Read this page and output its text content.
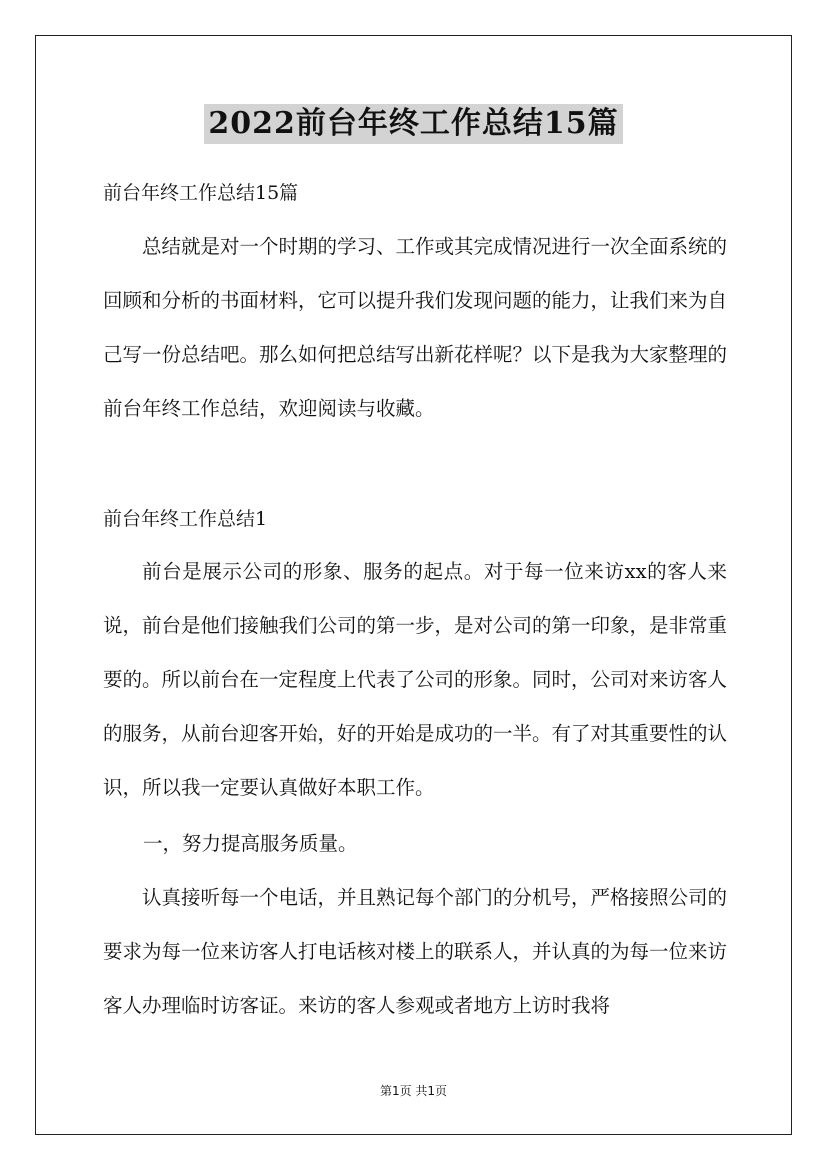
2022前台年终工作总结15篇
前台年终工作总结15篇
总结就是对一个时期的学习、工作或其完成情况进行一次全面系统的回顾和分析的书面材料，它可以提升我们发现问题的能力，让我们来为自己写一份总结吧。那么如何把总结写出新花样呢？以下是我为大家整理的前台年终工作总结，欢迎阅读与收藏。
前台年终工作总结1
前台是展示公司的形象、服务的起点。对于每一位来访xx的客人来说，前台是他们接触我们公司的第一步，是对公司的第一印象，是非常重要的。所以前台在一定程度上代表了公司的形象。同时，公司对来访客人的服务，从前台迎客开始，好的开始是成功的一半。有了对其重要性的认识，所以我一定要认真做好本职工作。
一，努力提高服务质量。
认真接听每一个电话，并且熟记每个部门的分机号，严格接照公司的要求为每一位来访客人打电话核对楼上的联系人，并认真的为每一位来访客人办理临时访客证。来访的客人参观或者地方上访时我将
第1页 共1页
